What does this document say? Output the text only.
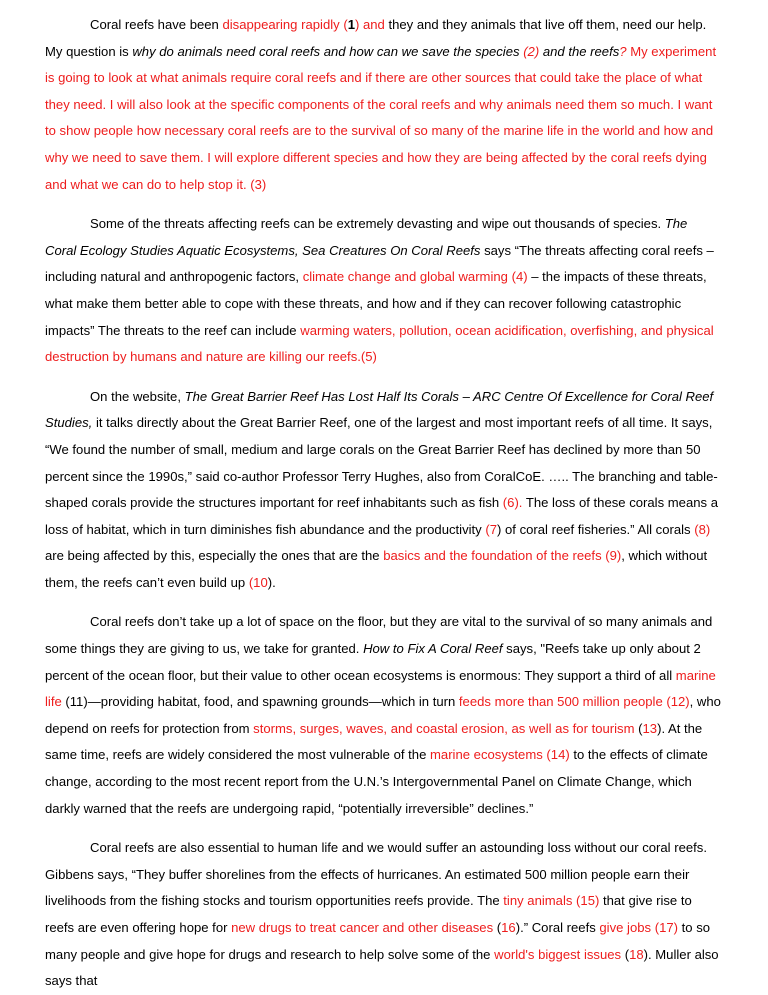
Coral reefs have been disappearing rapidly (1) and they and they animals that live off them, need our help. My question is why do animals need coral reefs and how can we save the species (2) and the reefs? My experiment is going to look at what animals require coral reefs and if there are other sources that could take the place of what they need. I will also look at the specific components of the coral reefs and why animals need them so much. I want to show people how necessary coral reefs are to the survival of so many of the marine life in the world and how and why we need to save them. I will explore different species and how they are being affected by the coral reefs dying and what we can do to help stop it. (3)

Some of the threats affecting reefs can be extremely devasting and wipe out thousands of species. The Coral Ecology Studies Aquatic Ecosystems, Sea Creatures On Coral Reefs says “The threats affecting coral reefs – including natural and anthropogenic factors, climate change and global warming (4) – the impacts of these threats, what make them better able to cope with these threats, and how and if they can recover following catastrophic impacts” The threats to the reef can include warming waters, pollution, ocean acidification, overfishing, and physical destruction by humans and nature are killing our reefs.(5)

On the website, The Great Barrier Reef Has Lost Half Its Corals – ARC Centre Of Excellence for Coral Reef Studies, it talks directly about the Great Barrier Reef, one of the largest and most important reefs of all time. It says, “We found the number of small, medium and large corals on the Great Barrier Reef has declined by more than 50 percent since the 1990s,” said co-author Professor Terry Hughes, also from CoralCoE. ….. The branching and table-shaped corals provide the structures important for reef inhabitants such as fish (6). The loss of these corals means a loss of habitat, which in turn diminishes fish abundance and the productivity (7) of coral reef fisheries.” All corals (8) are being affected by this, especially the ones that are the basics and the foundation of the reefs (9), which without them, the reefs can’t even build up (10).

Coral reefs don’t take up a lot of space on the floor, but they are vital to the survival of so many animals and some things they are giving to us, we take for granted. How to Fix A Coral Reef says, "Reefs take up only about 2 percent of the ocean floor, but their value to other ocean ecosystems is enormous: They support a third of all marine life (11)—providing habitat, food, and spawning grounds—which in turn feeds more than 500 million people (12), who depend on reefs for protection from storms, surges, waves, and coastal erosion, as well as for tourism (13). At the same time, reefs are widely considered the most vulnerable of the marine ecosystems (14) to the effects of climate change, according to the most recent report from the U.N.’s Intergovernmental Panel on Climate Change, which darkly warned that the reefs are undergoing rapid, “potentially irreversible” declines.”

Coral reefs are also essential to human life and we would suffer an astounding loss without our coral reefs. Gibbens says, “They buffer shorelines from the effects of hurricanes. An estimated 500 million people earn their livelihoods from the fishing stocks and tourism opportunities reefs provide. The tiny animals (15) that give rise to reefs are even offering hope for new drugs to treat cancer and other diseases (16).” Coral reefs give jobs (17) to so many people and give hope for drugs and research to help solve some of the world's biggest issues (18). Muller also says that
